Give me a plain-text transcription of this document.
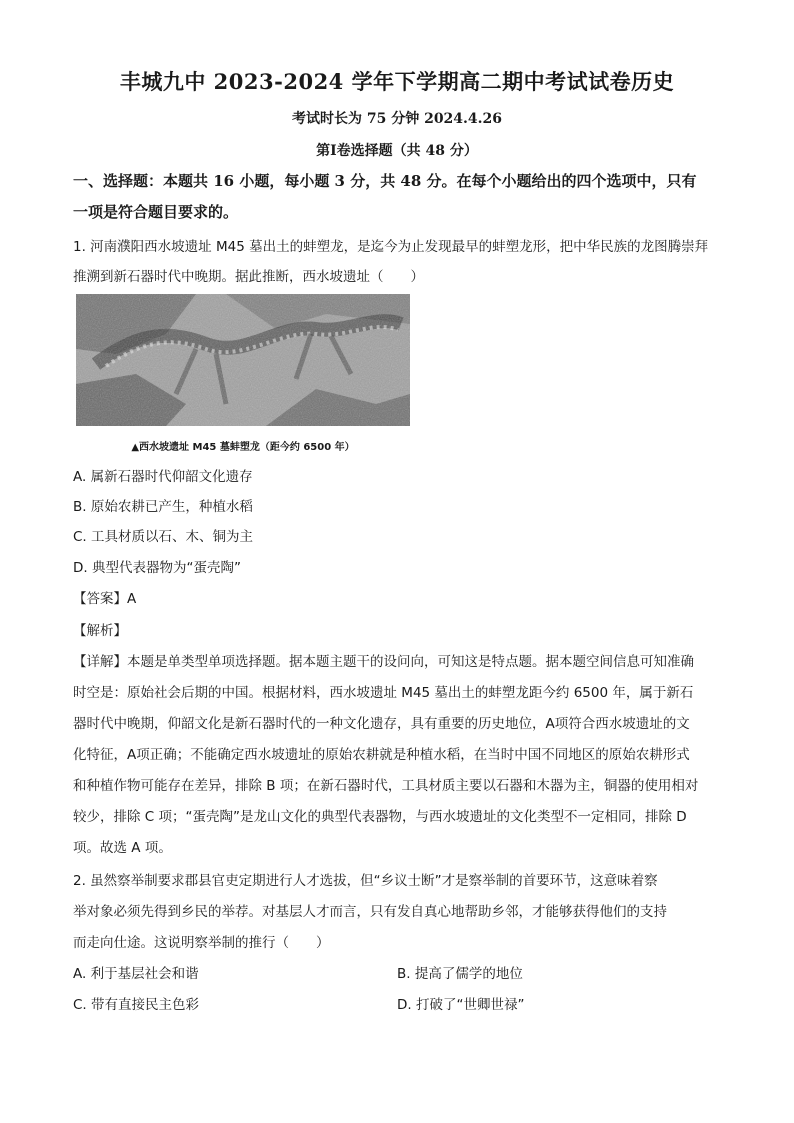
丰城九中 2023-2024 学年下学期高二期中考试试卷历史
考试时长为 75 分钟 2024.4.26
第Ⅰ卷选择题（共 48 分）
一、选择题：本题共 16 小题，每小题 3 分，共 48 分。在每个小题给出的四个选项中，只有
一项是符合题目要求的。
1. 河南濮阳西水坡遗址 M45 墓出土的蚌塑龙，是迄今为止发现最早的蚌塑龙形，把中华民族的龙图腾崇拜
推溯到新石器时代中晚期。据此推断，西水坡遗址（　　）
▲西水坡遗址 M45 墓蚌塑龙（距今约 6500 年）
A. 属新石器时代仰韶文化遗存
B. 原始农耕已产生，种植水稻
C. 工具材质以石、木、铜为主
D. 典型代表器物为“蛋壳陶”
【答案】A
【解析】
【详解】本题是单类型单项选择题。据本题主题干的设问向，可知这是特点题。据本题空间信息可知准确
时空是：原始社会后期的中国。根据材料，西水坡遗址 M45 墓出土的蚌塑龙距今约 6500 年，属于新石
器时代中晚期，仰韶文化是新石器时代的一种文化遗存，具有重要的历史地位，A项符合西水坡遗址的文
化特征，A项正确；不能确定西水坡遗址的原始农耕就是种植水稻，在当时中国不同地区的原始农耕形式
和种植作物可能存在差异，排除 B 项；在新石器时代，工具材质主要以石器和木器为主，铜器的使用相对
较少，排除 C 项；“蛋壳陶”是龙山文化的典型代表器物，与西水坡遗址的文化类型不一定相同，排除 D
项。故选 A 项。
2. 虽然察举制要求郡县官吏定期进行人才选拔，但“乡议士断”才是察举制的首要环节，这意味着察
举对象必须先得到乡民的举荐。对基层人才而言，只有发自真心地帮助乡邻，才能够获得他们的支持
而走向仕途。这说明察举制的推行（　　）
A. 利于基层社会和谐	B. 提高了儒学的地位
C. 带有直接民主色彩	D. 打破了“世卿世禄”
